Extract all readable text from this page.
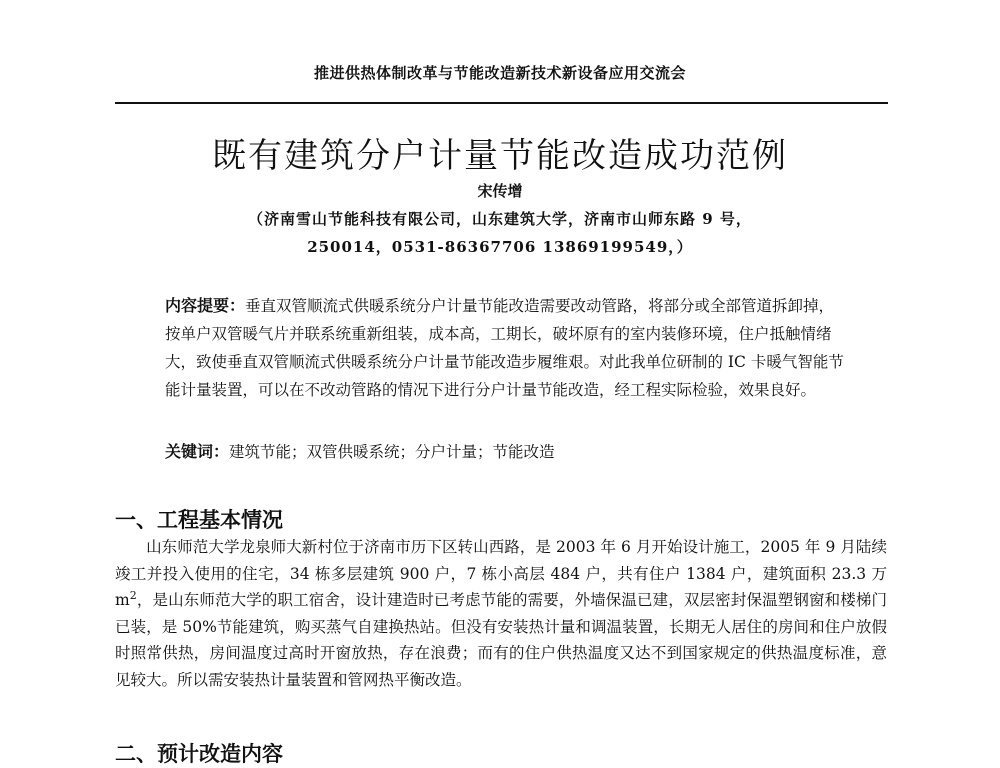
推进供热体制改革与节能改造新技术新设备应用交流会
既有建筑分户计量节能改造成功范例
宋传增
（济南雪山节能科技有限公司，山东建筑大学，济南市山师东路 9 号，
250014，0531-86367706 13869199549，）
内容提要：垂直双管顺流式供暖系统分户计量节能改造需要改动管路，将部分或全部管道拆卸掉，按单户双管暖气片并联系统重新组装，成本高，工期长，破坏原有的室内装修环境，住户抵触情绪大，致使垂直双管顺流式供暖系统分户计量节能改造步履维艰。对此我单位研制的 IC 卡暖气智能节能计量装置，可以在不改动管路的情况下进行分户计量节能改造，经工程实际检验，效果良好。
关键词：建筑节能；双管供暖系统；分户计量；节能改造
一、工程基本情况
山东师范大学龙泉师大新村位于济南市历下区转山西路，是 2003 年 6 月开始设计施工，2005 年 9 月陆续竣工并投入使用的住宅，34 栋多层建筑 900 户，7 栋小高层 484 户，共有住户 1384 户，建筑面积 23.3 万 $m^2$，是山东师范大学的职工宿舍，设计建造时已考虑节能的需要，外墙保温已建，双层密封保温塑钢窗和楼梯门已装，是 50%节能建筑，购买蒸气自建换热站。但没有安装热计量和调温装置，长期无人居住的房间和住户放假时照常供热，房间温度过高时开窗放热，存在浪费；而有的住户供热温度又达不到国家规定的供热温度标准，意见较大。所以需安装热计量装置和管网热平衡改造。
二、预计改造内容
